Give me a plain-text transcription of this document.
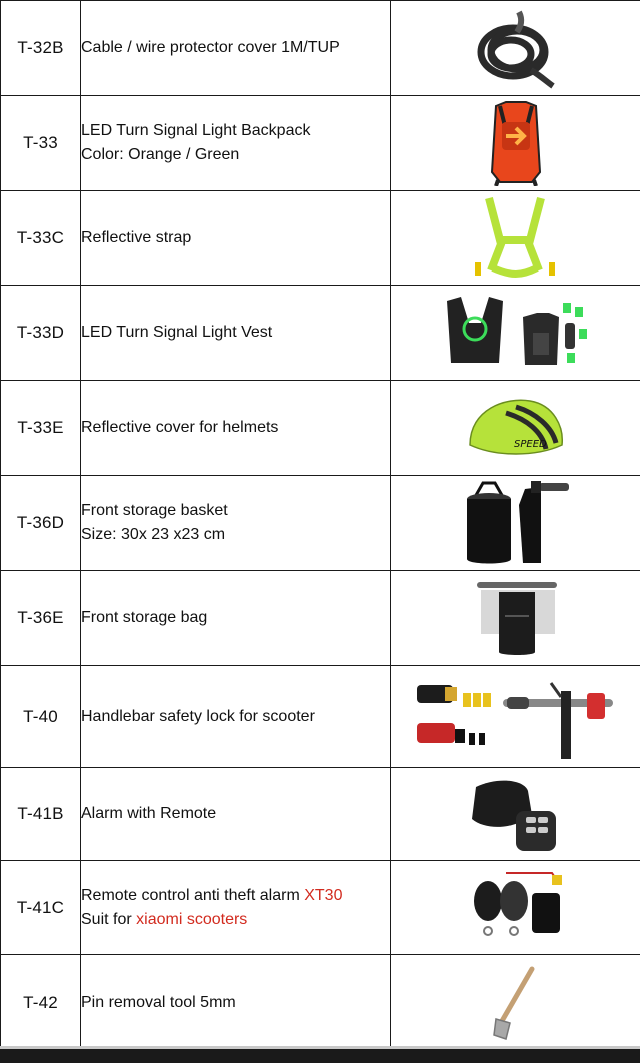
T-32B	Cable / wire protector cover 1M/TUP

T-33	LED Turn Signal Light Backpack
Color: Orange / Green

T-33C	Reflective strap

T-33D	LED Turn Signal Light Vest

T-33E	Reflective cover for helmets	SPEED

T-36D	Front storage basket
Size: 30x 23 x23 cm

T-36E	Front storage bag

T-40	Handlebar safety lock for scooter

T-41B	Alarm with Remote

T-41C	Remote control anti theft alarm XT30
Suit for xiaomi scooters

T-42	Pin removal tool 5mm
